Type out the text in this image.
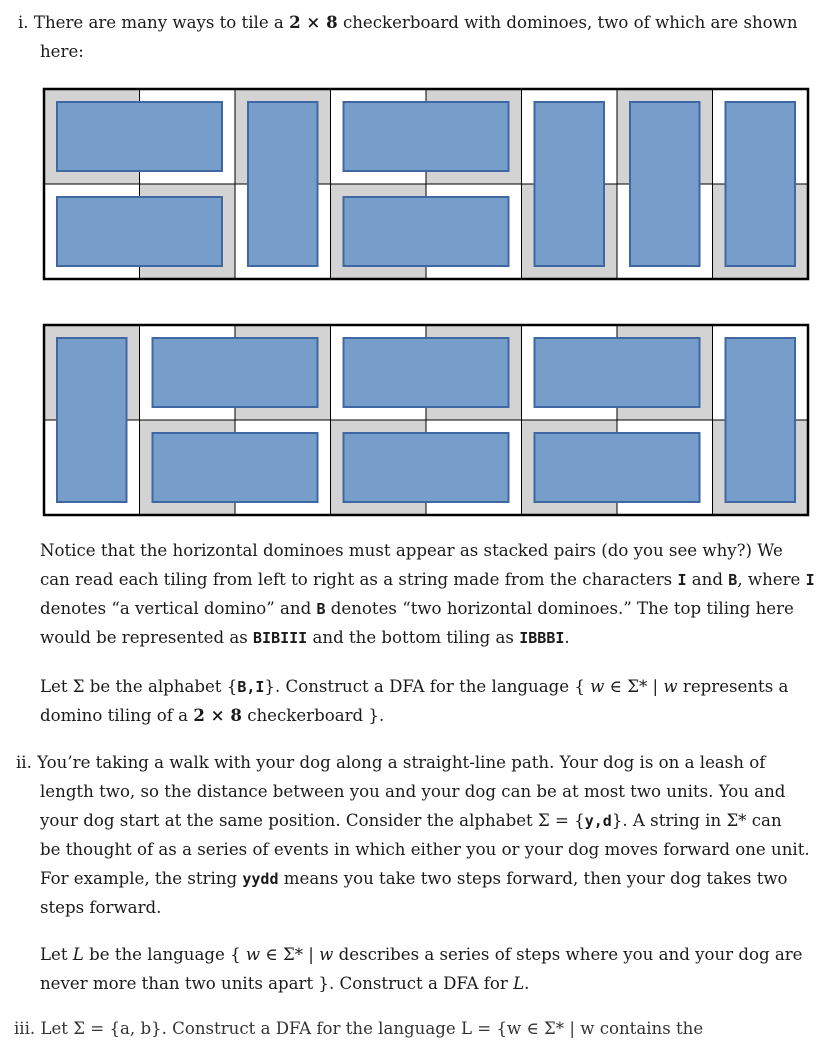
i. There are many ways to tile a 2 × 8 checkerboard with dominoes, two of which are shown
here:
Notice that the horizontal dominoes must appear as stacked pairs (do you see why?) We
can read each tiling from left to right as a string made from the characters I and B, where I
denotes “a vertical domino” and B denotes “two horizontal dominoes.” The top tiling here
would be represented as BIBIII and the bottom tiling as IBBBI.
Let Σ be the alphabet {B,I}. Construct a DFA for the language { w ∈ Σ* | w represents a
domino tiling of a 2 × 8 checkerboard }.
ii. You’re taking a walk with your dog along a straight-line path. Your dog is on a leash of
length two, so the distance between you and your dog can be at most two units. You and
your dog start at the same position. Consider the alphabet Σ = {y,d}. A string in Σ* can
be thought of as a series of events in which either you or your dog moves forward one unit.
For example, the string yydd means you take two steps forward, then your dog takes two
steps forward.
Let L be the language { w ∈ Σ* | w describes a series of steps where you and your dog are
never more than two units apart }. Construct a DFA for L.
iii. Let Σ = {a, b}. Construct a DFA for the language L = {w ∈ Σ* | w contains the
